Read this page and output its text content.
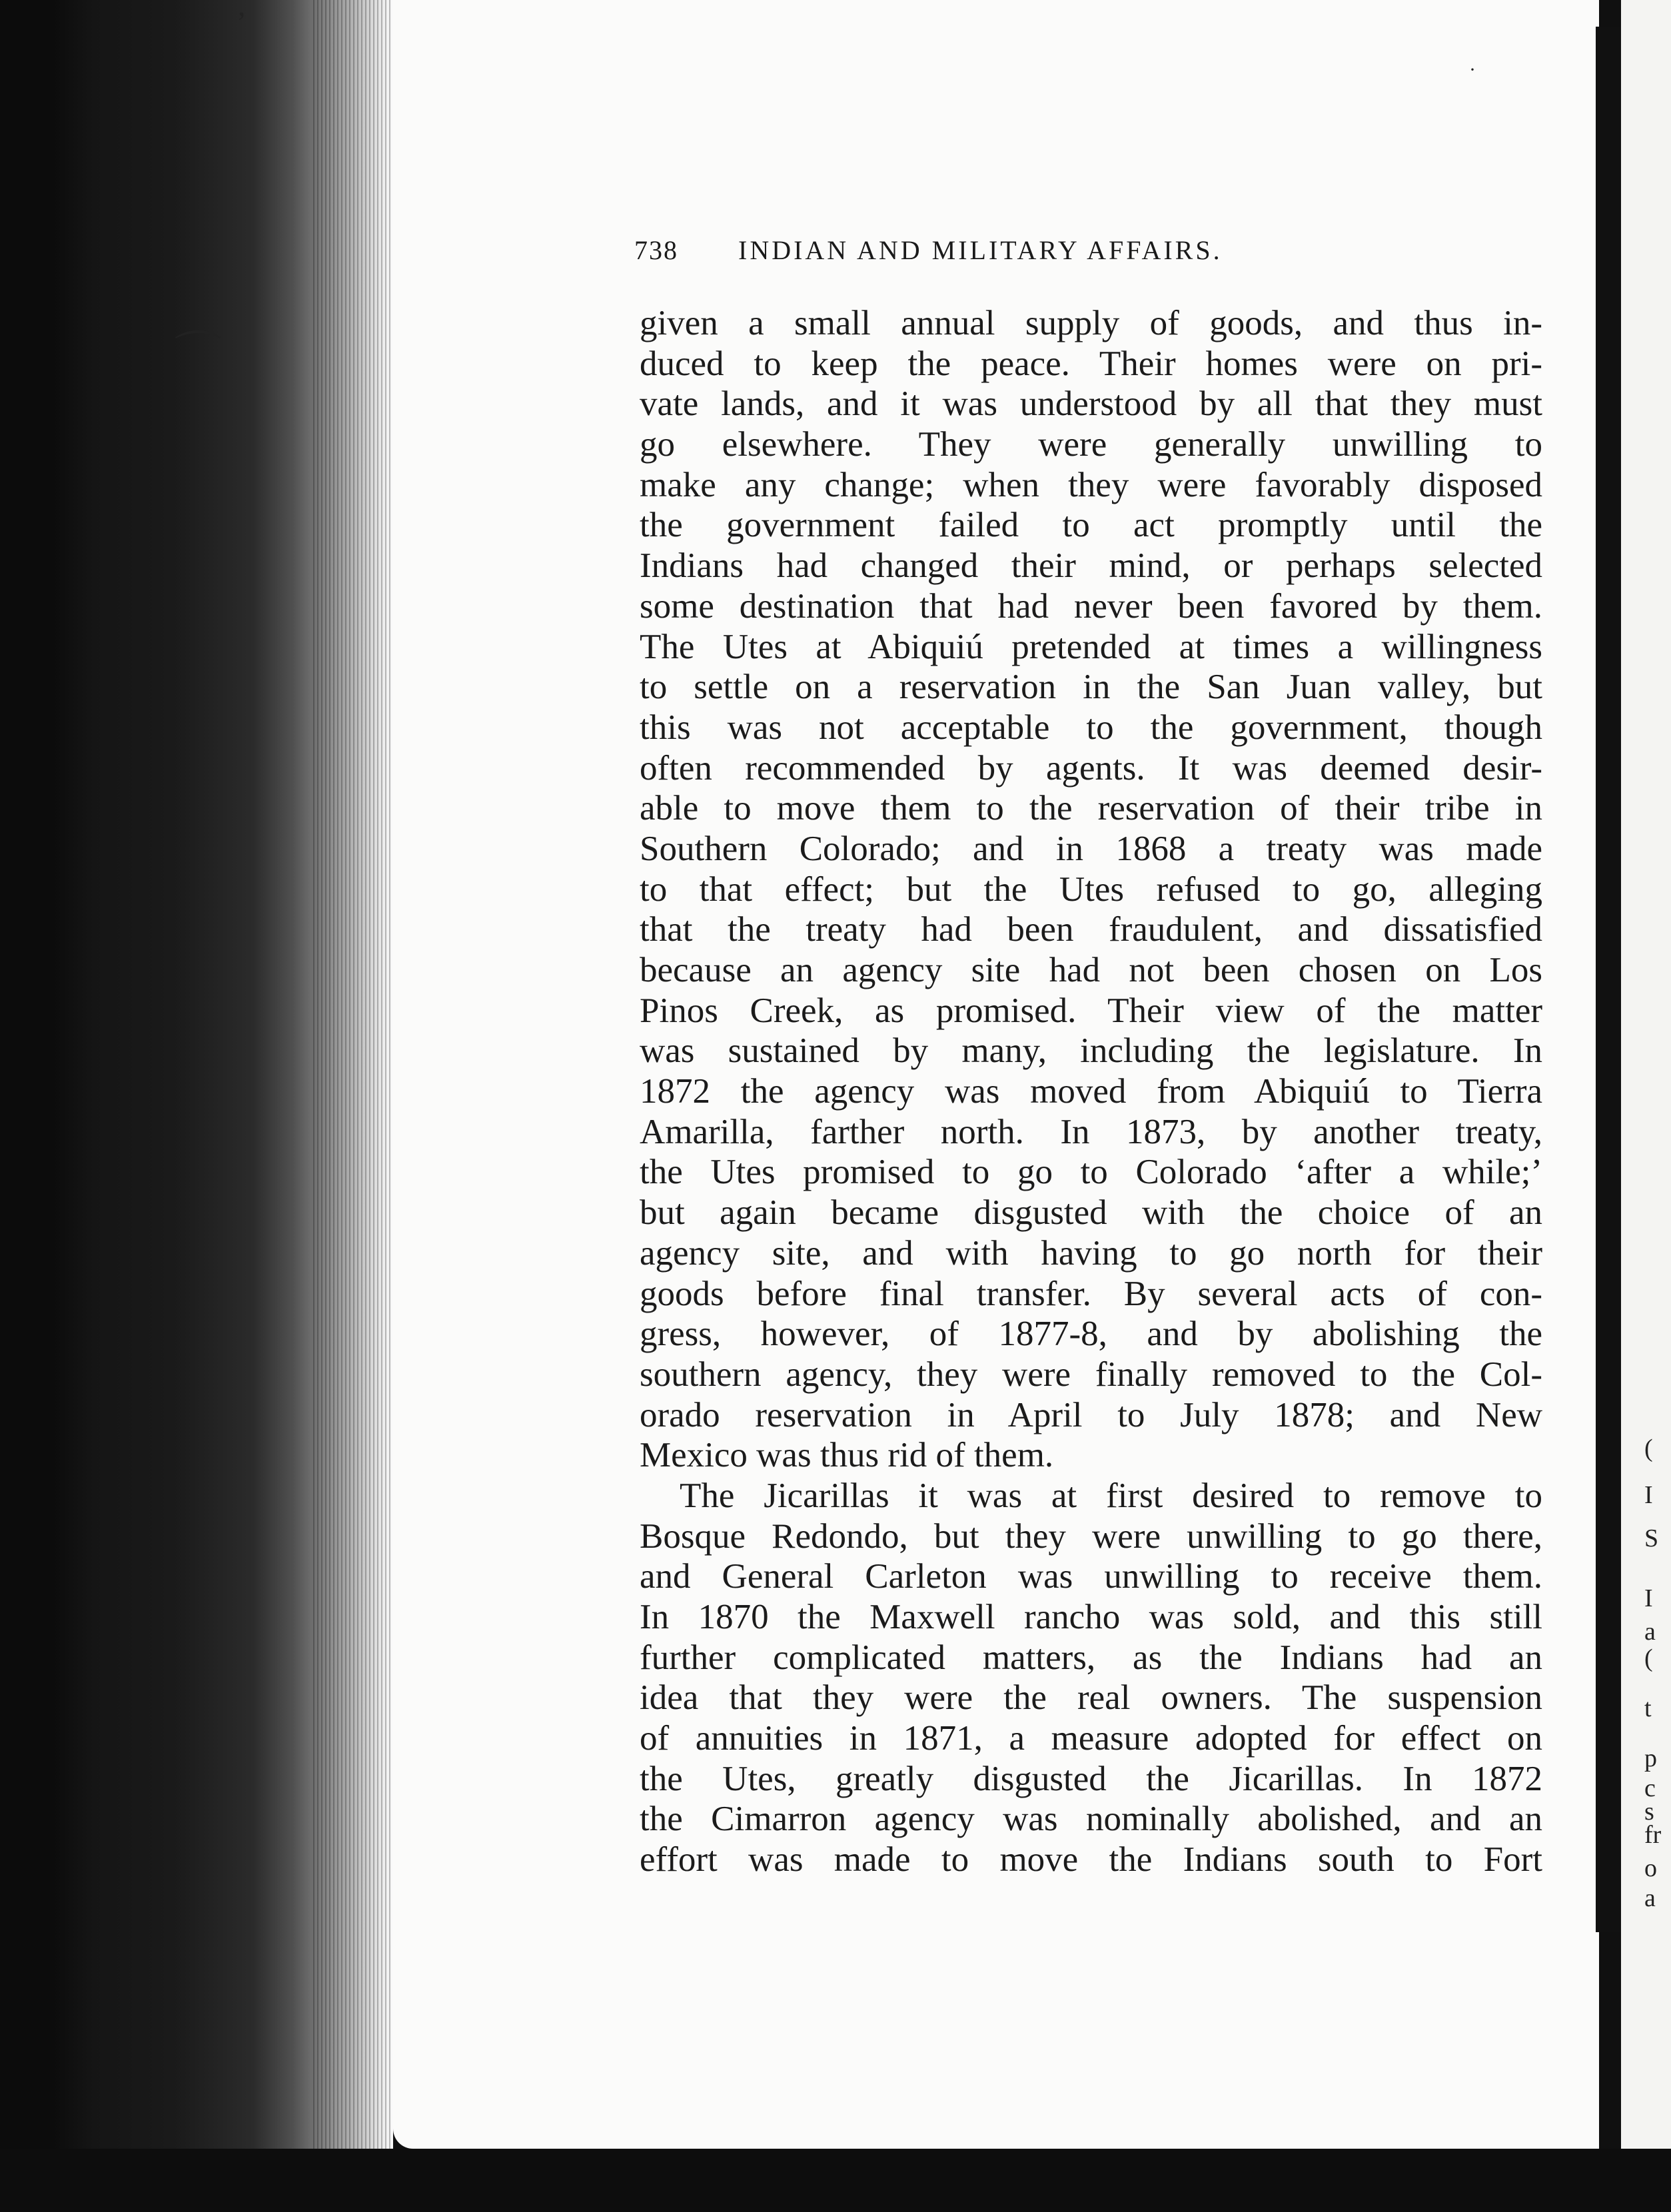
ʼ
⌒
·
738 INDIAN AND MILITARY AFFAIRS.
given a small annual supply of goods, and thus in-
duced to keep the peace. Their homes were on pri-
vate lands, and it was understood by all that they must
go elsewhere. They were generally unwilling to
make any change; when they were favorably disposed
the government failed to act promptly until the
Indians had changed their mind, or perhaps selected
some destination that had never been favored by them.
The Utes at Abiquiú pretended at times a willingness
to settle on a reservation in the San Juan valley, but
this was not acceptable to the government, though
often recommended by agents. It was deemed desir-
able to move them to the reservation of their tribe in
Southern Colorado; and in 1868 a treaty was made
to that effect; but the Utes refused to go, alleging
that the treaty had been fraudulent, and dissatisfied
because an agency site had not been chosen on Los
Pinos Creek, as promised. Their view of the matter
was sustained by many, including the legislature. In
1872 the agency was moved from Abiquiú to Tierra
Amarilla, farther north. In 1873, by another treaty,
the Utes promised to go to Colorado ‘after a while;’
but again became disgusted with the choice of an
agency site, and with having to go north for their
goods before final transfer. By several acts of con-
gress, however, of 1877-8, and by abolishing the
southern agency, they were finally removed to the Col-
orado reservation in April to July 1878; and New
Mexico was thus rid of them.
The Jicarillas it was at first desired to remove to
Bosque Redondo, but they were unwilling to go there,
and General Carleton was unwilling to receive them.
In 1870 the Maxwell rancho was sold, and this still
further complicated matters, as the Indians had an
idea that they were the real owners. The suspension
of annuities in 1871, a measure adopted for effect on
the Utes, greatly disgusted the Jicarillas. In 1872
the Cimarron agency was nominally abolished, and an
effort was made to move the Indians south to Fort
(
I
S
I
a
(
t
p
c
s
fr
o
a
